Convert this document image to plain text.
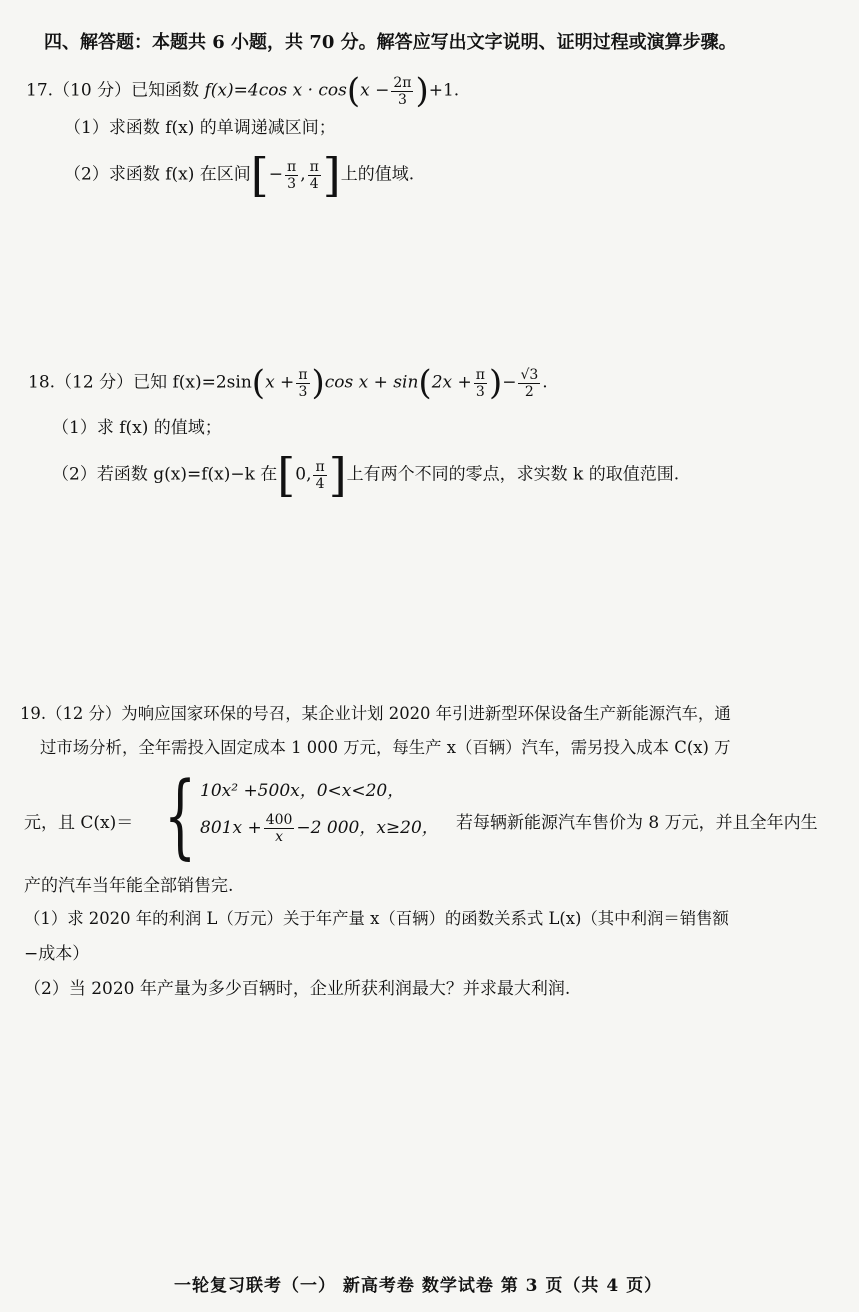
四、解答题：本题共 6 小题，共 70 分。解答应写出文字说明、证明过程或演算步骤。
17.（10 分）已知函数 f(x)=4cos $x \cdot \cos(x - \frac{2\pi}{3} )+1$.
（1）求函数 f(x) 的单调递减区间；
（2）求函数 f(x) 在区间[− $\frac{\pi}{3}$ , $\frac{\pi}{4}$ ]上的值域.
18.（12 分）已知 $f(x)=2\sin(x + \frac{\pi}{3} )\cos$ $x + \sin(2x + \frac{\pi}{3}$ )− $\frac{√3}{2}$ .
（1）求 f(x) 的值域；
（2）若函数 g(x)=f(x)−k 在[0, $\frac{\pi}{4}$ ]上有两个不同的零点，求实数 k 的取值范围.
19.（12 分）为响应国家环保的号召，某企业计划 2020 年引进新型环保设备生产新能源汽车，通
过市场分析，全年需投入固定成本 1 000 万元，每生产 x（百辆）汽车，需另投入成本 C(x) 万
元，且 C(x)＝ { 10x² +500x，0<x<20，
$801x + \frac{400}{x} -2$ 000，x≥20， 若每辆新能源汽车售价为 8 万元，并且全年内生
产的汽车当年能全部销售完.
（1）求 2020 年的利润 L（万元）关于年产量 x（百辆）的函数关系式 L(x)（其中利润＝销售额
−成本）
（2）当 2020 年产量为多少百辆时，企业所获利润最大？并求最大利润.
一轮复习联考（一） 新高考卷 数学试卷 第 3 页（共 4 页）
